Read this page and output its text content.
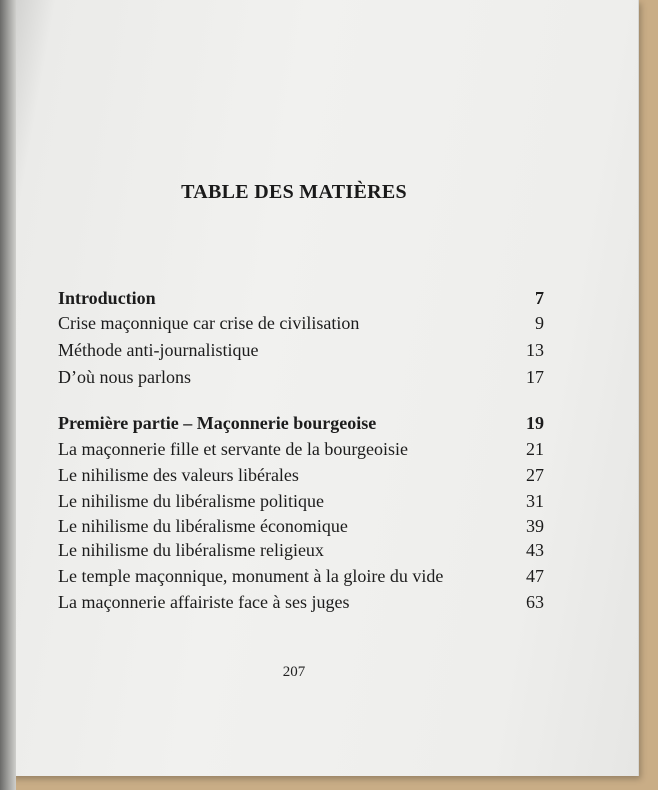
TABLE DES MATIÈRES
Introduction	7
Crise maçonnique car crise de civilisation	9
Méthode anti-journalistique	13
D’où nous parlons	17
Première partie – Maçonnerie bourgeoise	19
La maçonnerie fille et servante de la bourgeoisie	21
Le nihilisme des valeurs libérales	27
Le nihilisme du libéralisme politique	31
Le nihilisme du libéralisme économique	39
Le nihilisme du libéralisme religieux	43
Le temple maçonnique, monument à la gloire du vide	47
La maçonnerie affairiste face à ses juges	63
207
